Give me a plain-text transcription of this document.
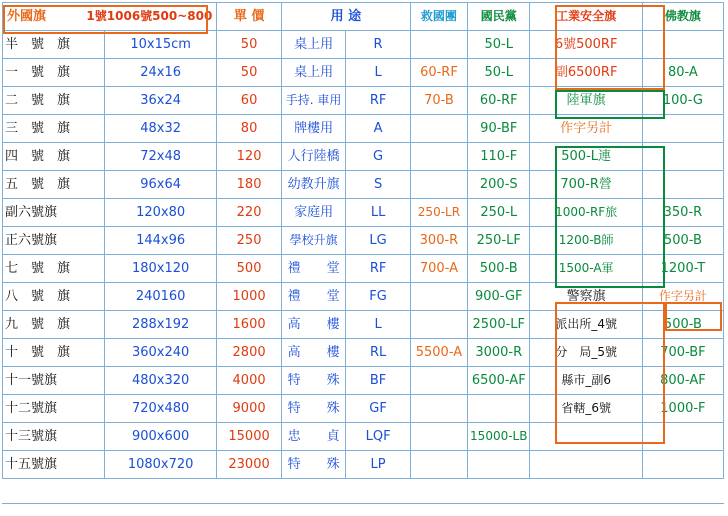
外國旗 1號1006號500~800		單 價	用 途		救國團	國民黨	工業安全旗	佛教旗
半　號　旗	10x15cm	50	桌上用	R		50-L	6號500RF	
一　號　旗	24x16	50	桌上用	L	60-RF	50-L	副6500RF	80-A
二　號　旗	36x24	60	手持. 車用	RF	70-B	60-RF	陸軍旗	100-G
三　號　旗	48x32	80	牌樓用	A		90-BF	作字另計	
四　號　旗	72x48	120	人行陸橋	G		110-F	500-L連	
五　號　旗	96x64	180	幼教升旗	S		200-S	700-R營	
副六號旗	120x80	220	家庭用	LL	250-LR	250-L	1000-RF旅	350-R
正六號旗	144x96	250	學校升旗	LG	300-R	250-LF	1200-B師	500-B
七　號　旗	180x120	500	禮　　堂	RF	700-A	500-B	1500-A軍	1200-T
八　號　旗	240160	1000	禮　　堂	FG		900-GF	警察旗	作字另計
九　號　旗	288x192	1600	高　　樓	L		2500-LF	派出所_4號	500-B
十　號　旗	360x240	2800	高　　樓	RL	5500-A	3000-R	分　局_5號	700-BF
十一號旗	480x320	4000	特　　殊	BF		6500-AF	縣市_副6	800-AF
十二號旗	720x480	9000	特　　殊	GF			省轄_6號	1000-F
十三號旗	900x600	15000	忠　　貞	LQF		15000-LB		
十五號旗	1080x720	23000	特　　殊	LP				
